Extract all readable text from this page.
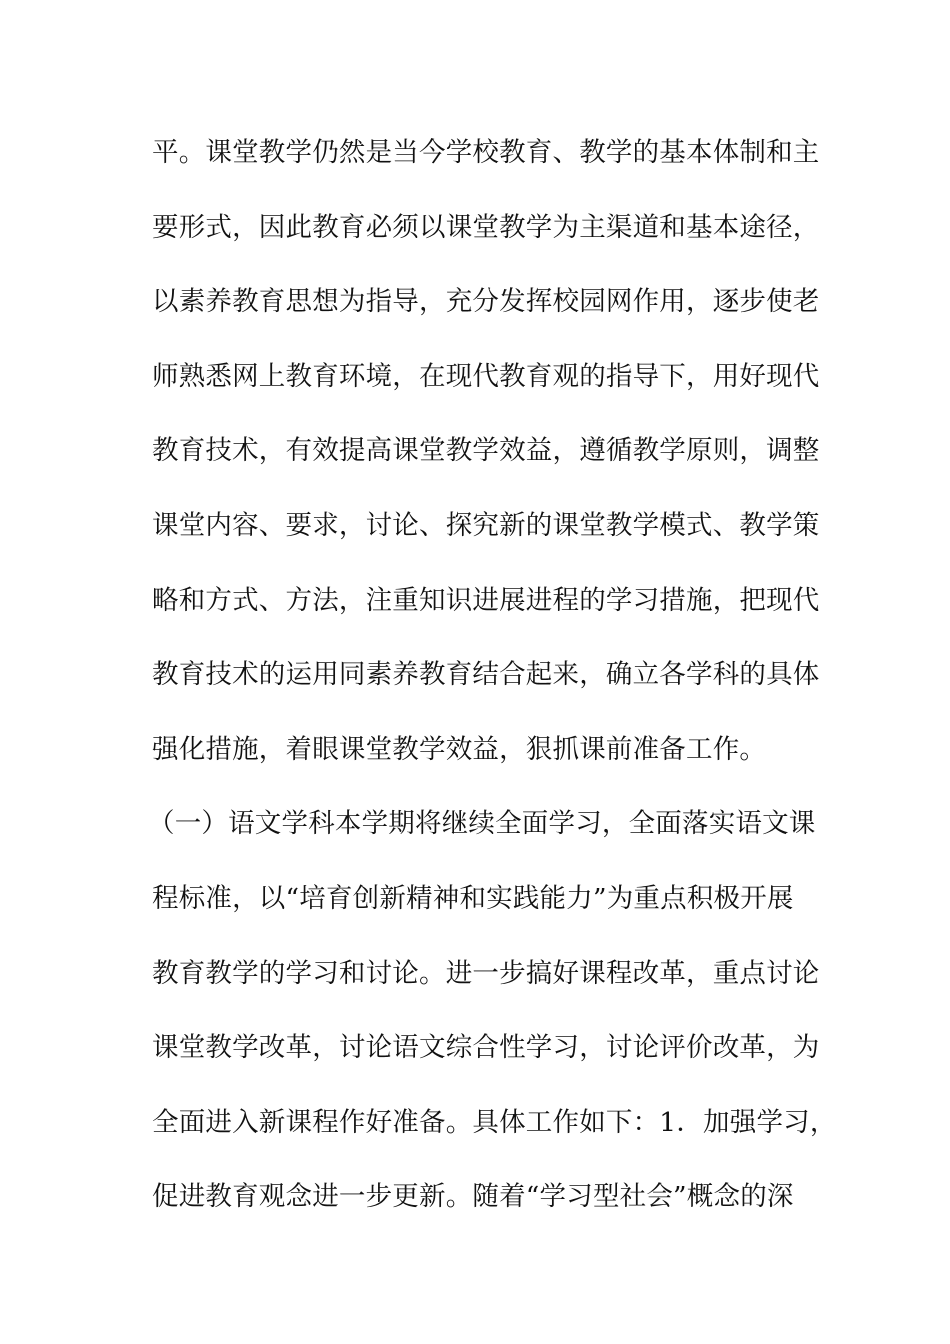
平。课堂教学仍然是当今学校教育、教学的基本体制和主
要形式，因此教育必须以课堂教学为主渠道和基本途径，
以素养教育思想为指导，充分发挥校园网作用，逐步使老
师熟悉网上教育环境，在现代教育观的指导下，用好现代
教育技术，有效提高课堂教学效益，遵循教学原则，调整
课堂内容、要求，讨论、探究新的课堂教学模式、教学策
略和方式、方法，注重知识进展进程的学习措施，把现代
教育技术的运用同素养教育结合起来，确立各学科的具体
强化措施，着眼课堂教学效益，狠抓课前准备工作。
（一）语文学科本学期将继续全面学习，全面落实语文课
程标准，以“培育创新精神和实践能力”为重点积极开展
教育教学的学习和讨论。进一步搞好课程改革，重点讨论
课堂教学改革，讨论语文综合性学习，讨论评价改革，为
全面进入新课程作好准备。具体工作如下：1．加强学习，
促进教育观念进一步更新。随着“学习型社会”概念的深
